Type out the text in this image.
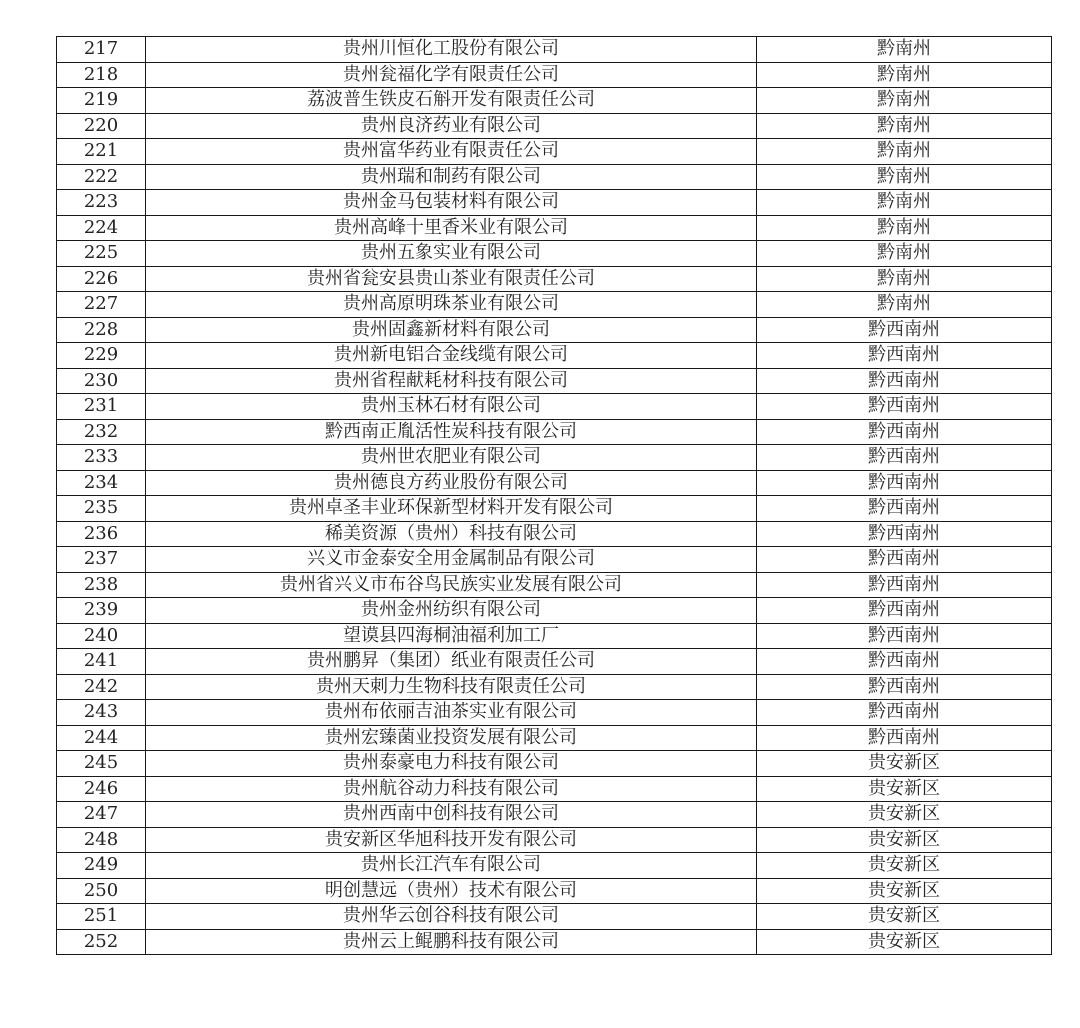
217	贵州川恒化工股份有限公司	黔南州
218	贵州瓮福化学有限责任公司	黔南州
219	荔波普生铁皮石斛开发有限责任公司	黔南州
220	贵州良济药业有限公司	黔南州
221	贵州富华药业有限责任公司	黔南州
222	贵州瑞和制药有限公司	黔南州
223	贵州金马包装材料有限公司	黔南州
224	贵州高峰十里香米业有限公司	黔南州
225	贵州五象实业有限公司	黔南州
226	贵州省瓮安县贵山茶业有限责任公司	黔南州
227	贵州高原明珠茶业有限公司	黔南州
228	贵州固鑫新材料有限公司	黔西南州
229	贵州新电铝合金线缆有限公司	黔西南州
230	贵州省程献耗材科技有限公司	黔西南州
231	贵州玉林石材有限公司	黔西南州
232	黔西南正胤活性炭科技有限公司	黔西南州
233	贵州世农肥业有限公司	黔西南州
234	贵州德良方药业股份有限公司	黔西南州
235	贵州卓圣丰业环保新型材料开发有限公司	黔西南州
236	稀美资源（贵州）科技有限公司	黔西南州
237	兴义市金泰安全用金属制品有限公司	黔西南州
238	贵州省兴义市布谷鸟民族实业发展有限公司	黔西南州
239	贵州金州纺织有限公司	黔西南州
240	望谟县四海桐油福利加工厂	黔西南州
241	贵州鹏昇（集团）纸业有限责任公司	黔西南州
242	贵州天刺力生物科技有限责任公司	黔西南州
243	贵州布依丽吉油茶实业有限公司	黔西南州
244	贵州宏臻菌业投资发展有限公司	黔西南州
245	贵州泰豪电力科技有限公司	贵安新区
246	贵州航谷动力科技有限公司	贵安新区
247	贵州西南中创科技有限公司	贵安新区
248	贵安新区华旭科技开发有限公司	贵安新区
249	贵州长江汽车有限公司	贵安新区
250	明创慧远（贵州）技术有限公司	贵安新区
251	贵州华云创谷科技有限公司	贵安新区
252	贵州云上鲲鹏科技有限公司	贵安新区
